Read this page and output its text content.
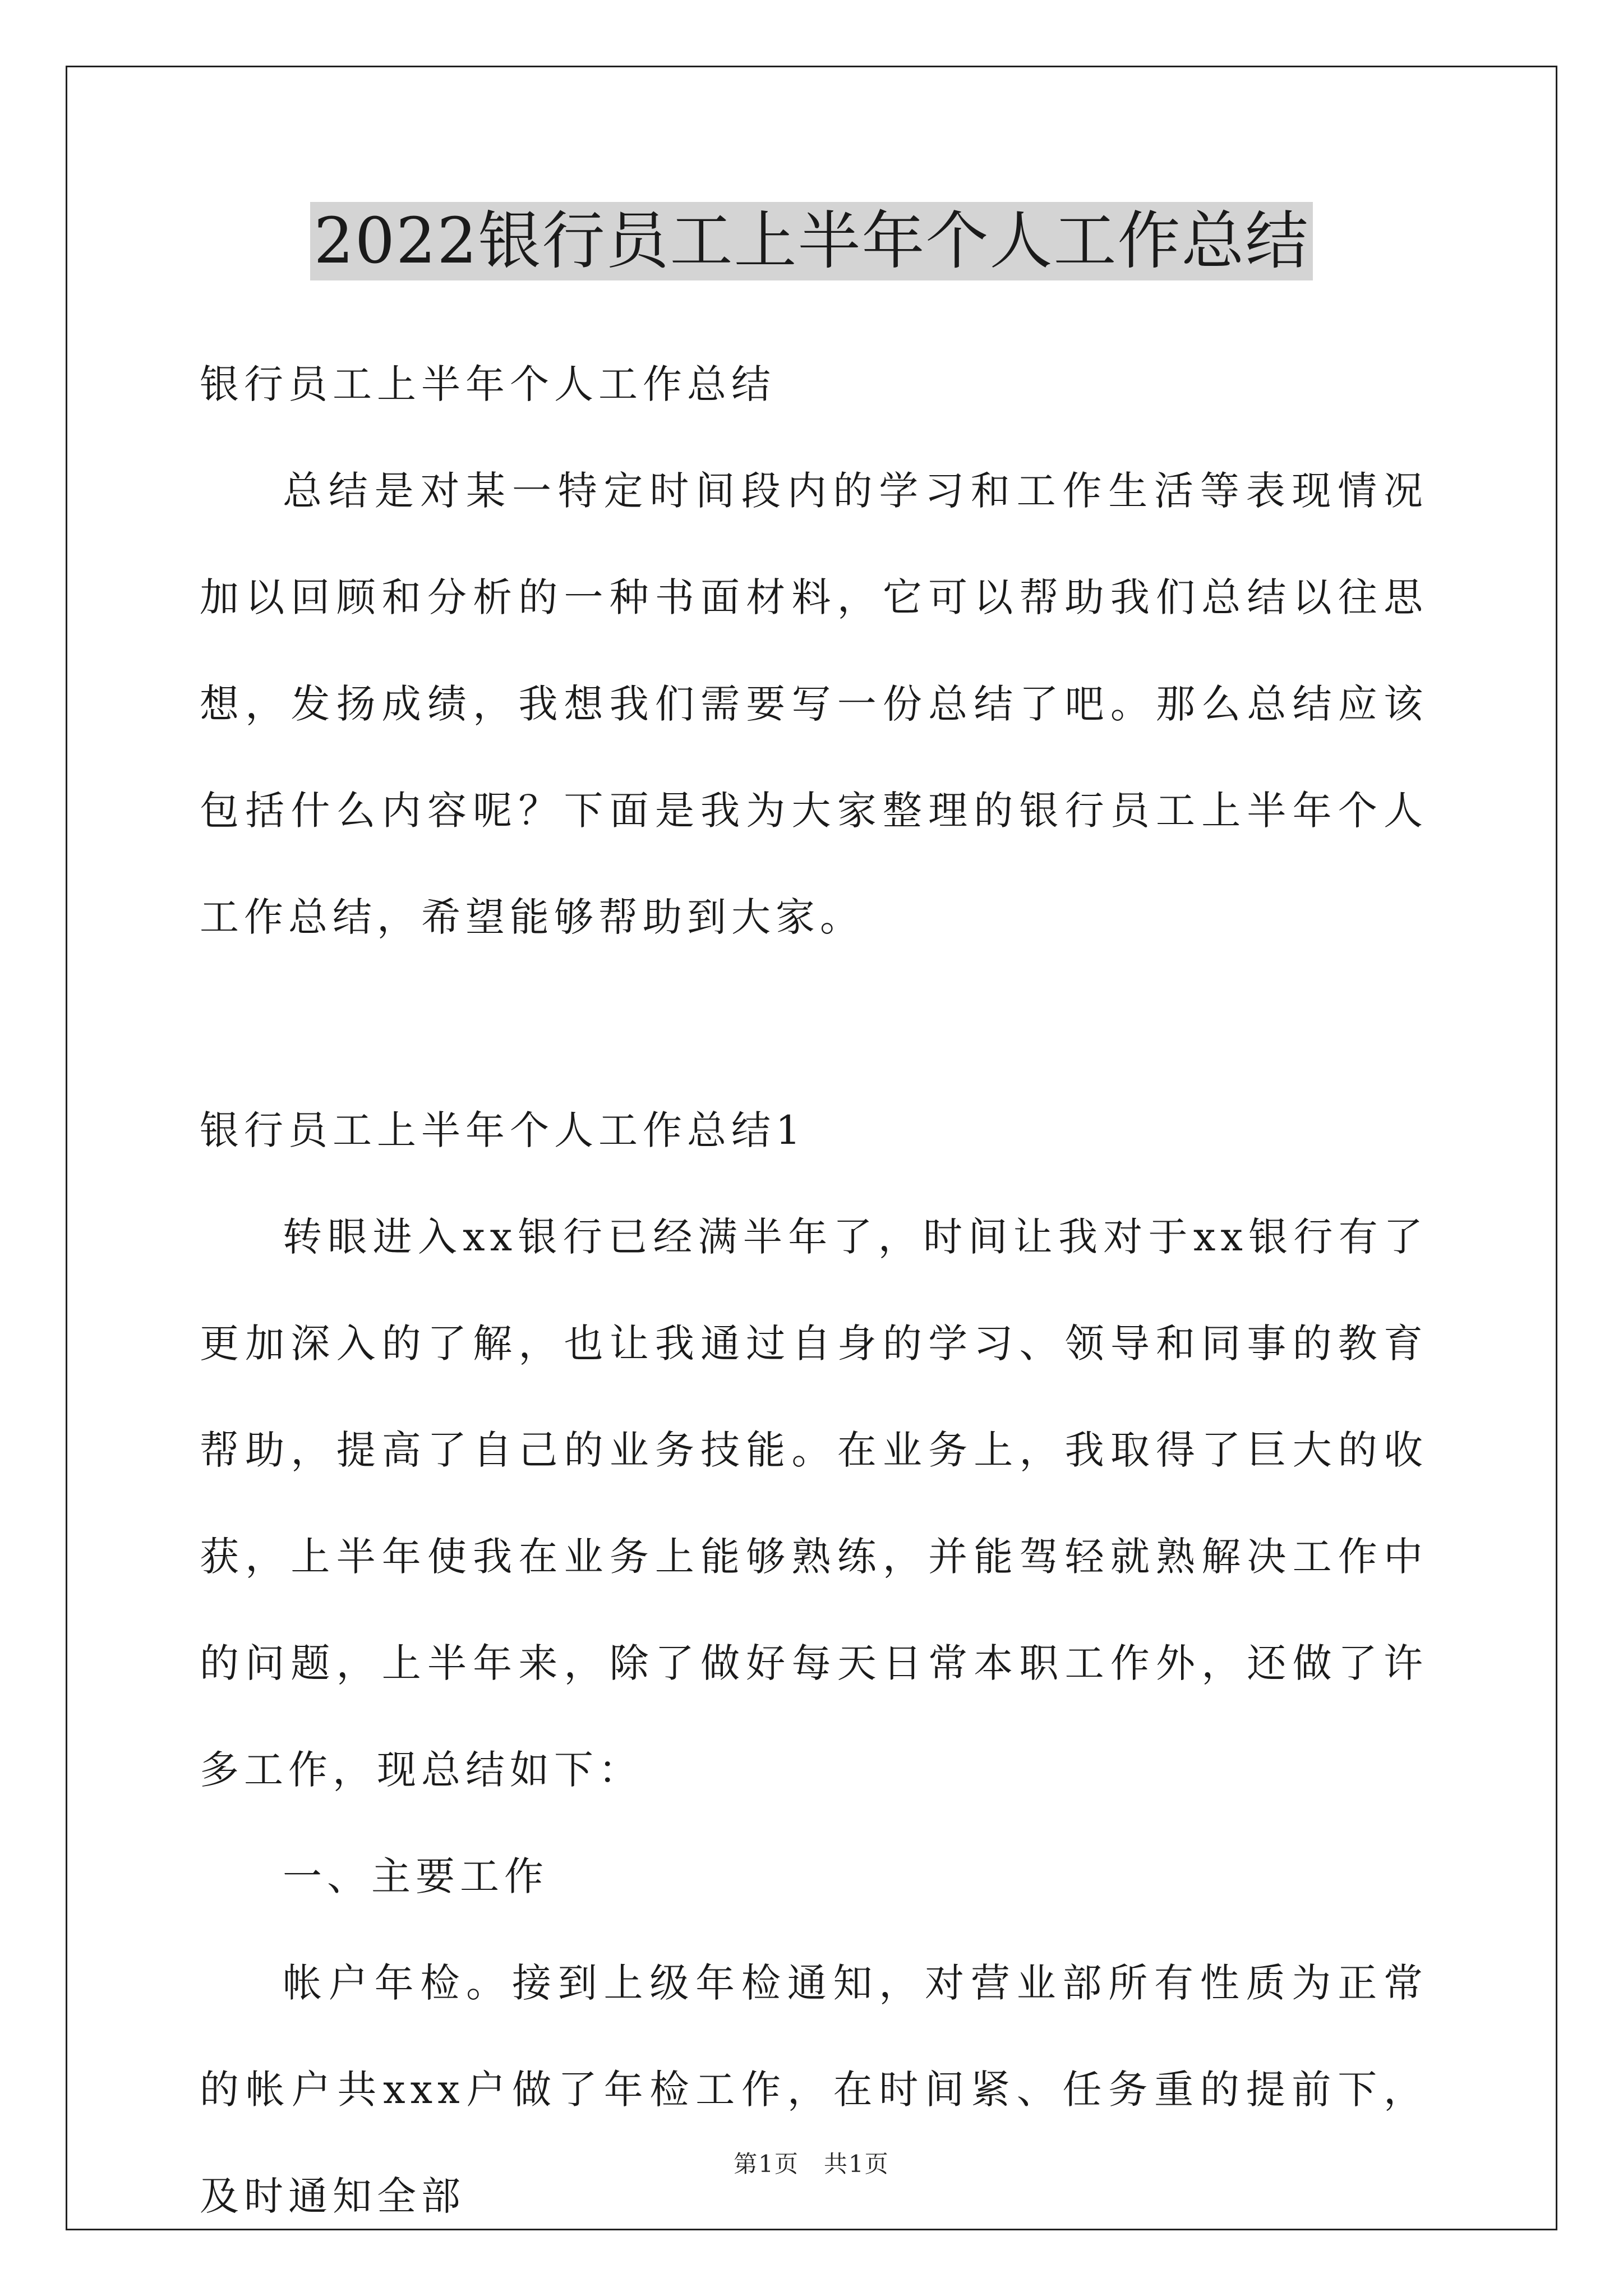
2022银行员工上半年个人工作总结

银行员工上半年个人工作总结

总结是对某一特定时间段内的学习和工作生活等表现情况加以回顾和分析的一种书面材料，它可以帮助我们总结以往思想，发扬成绩，我想我们需要写一份总结了吧。那么总结应该包括什么内容呢？下面是我为大家整理的银行员工上半年个人工作总结，希望能够帮助到大家。

银行员工上半年个人工作总结1

转眼进入xx银行已经满半年了，时间让我对于xx银行有了更加深入的了解，也让我通过自身的学习、领导和同事的教育帮助，提高了自己的业务技能。在业务上，我取得了巨大的收获，上半年使我在业务上能够熟练，并能驾轻就熟解决工作中的问题，上半年来，除了做好每天日常本职工作外，还做了许多工作，现总结如下：

一、主要工作

帐户年检。接到上级年检通知，对营业部所有性质为正常的帐户共xxx户做了年检工作，在时间紧、任务重的提前下，及时通知全部

第1页　共1页
